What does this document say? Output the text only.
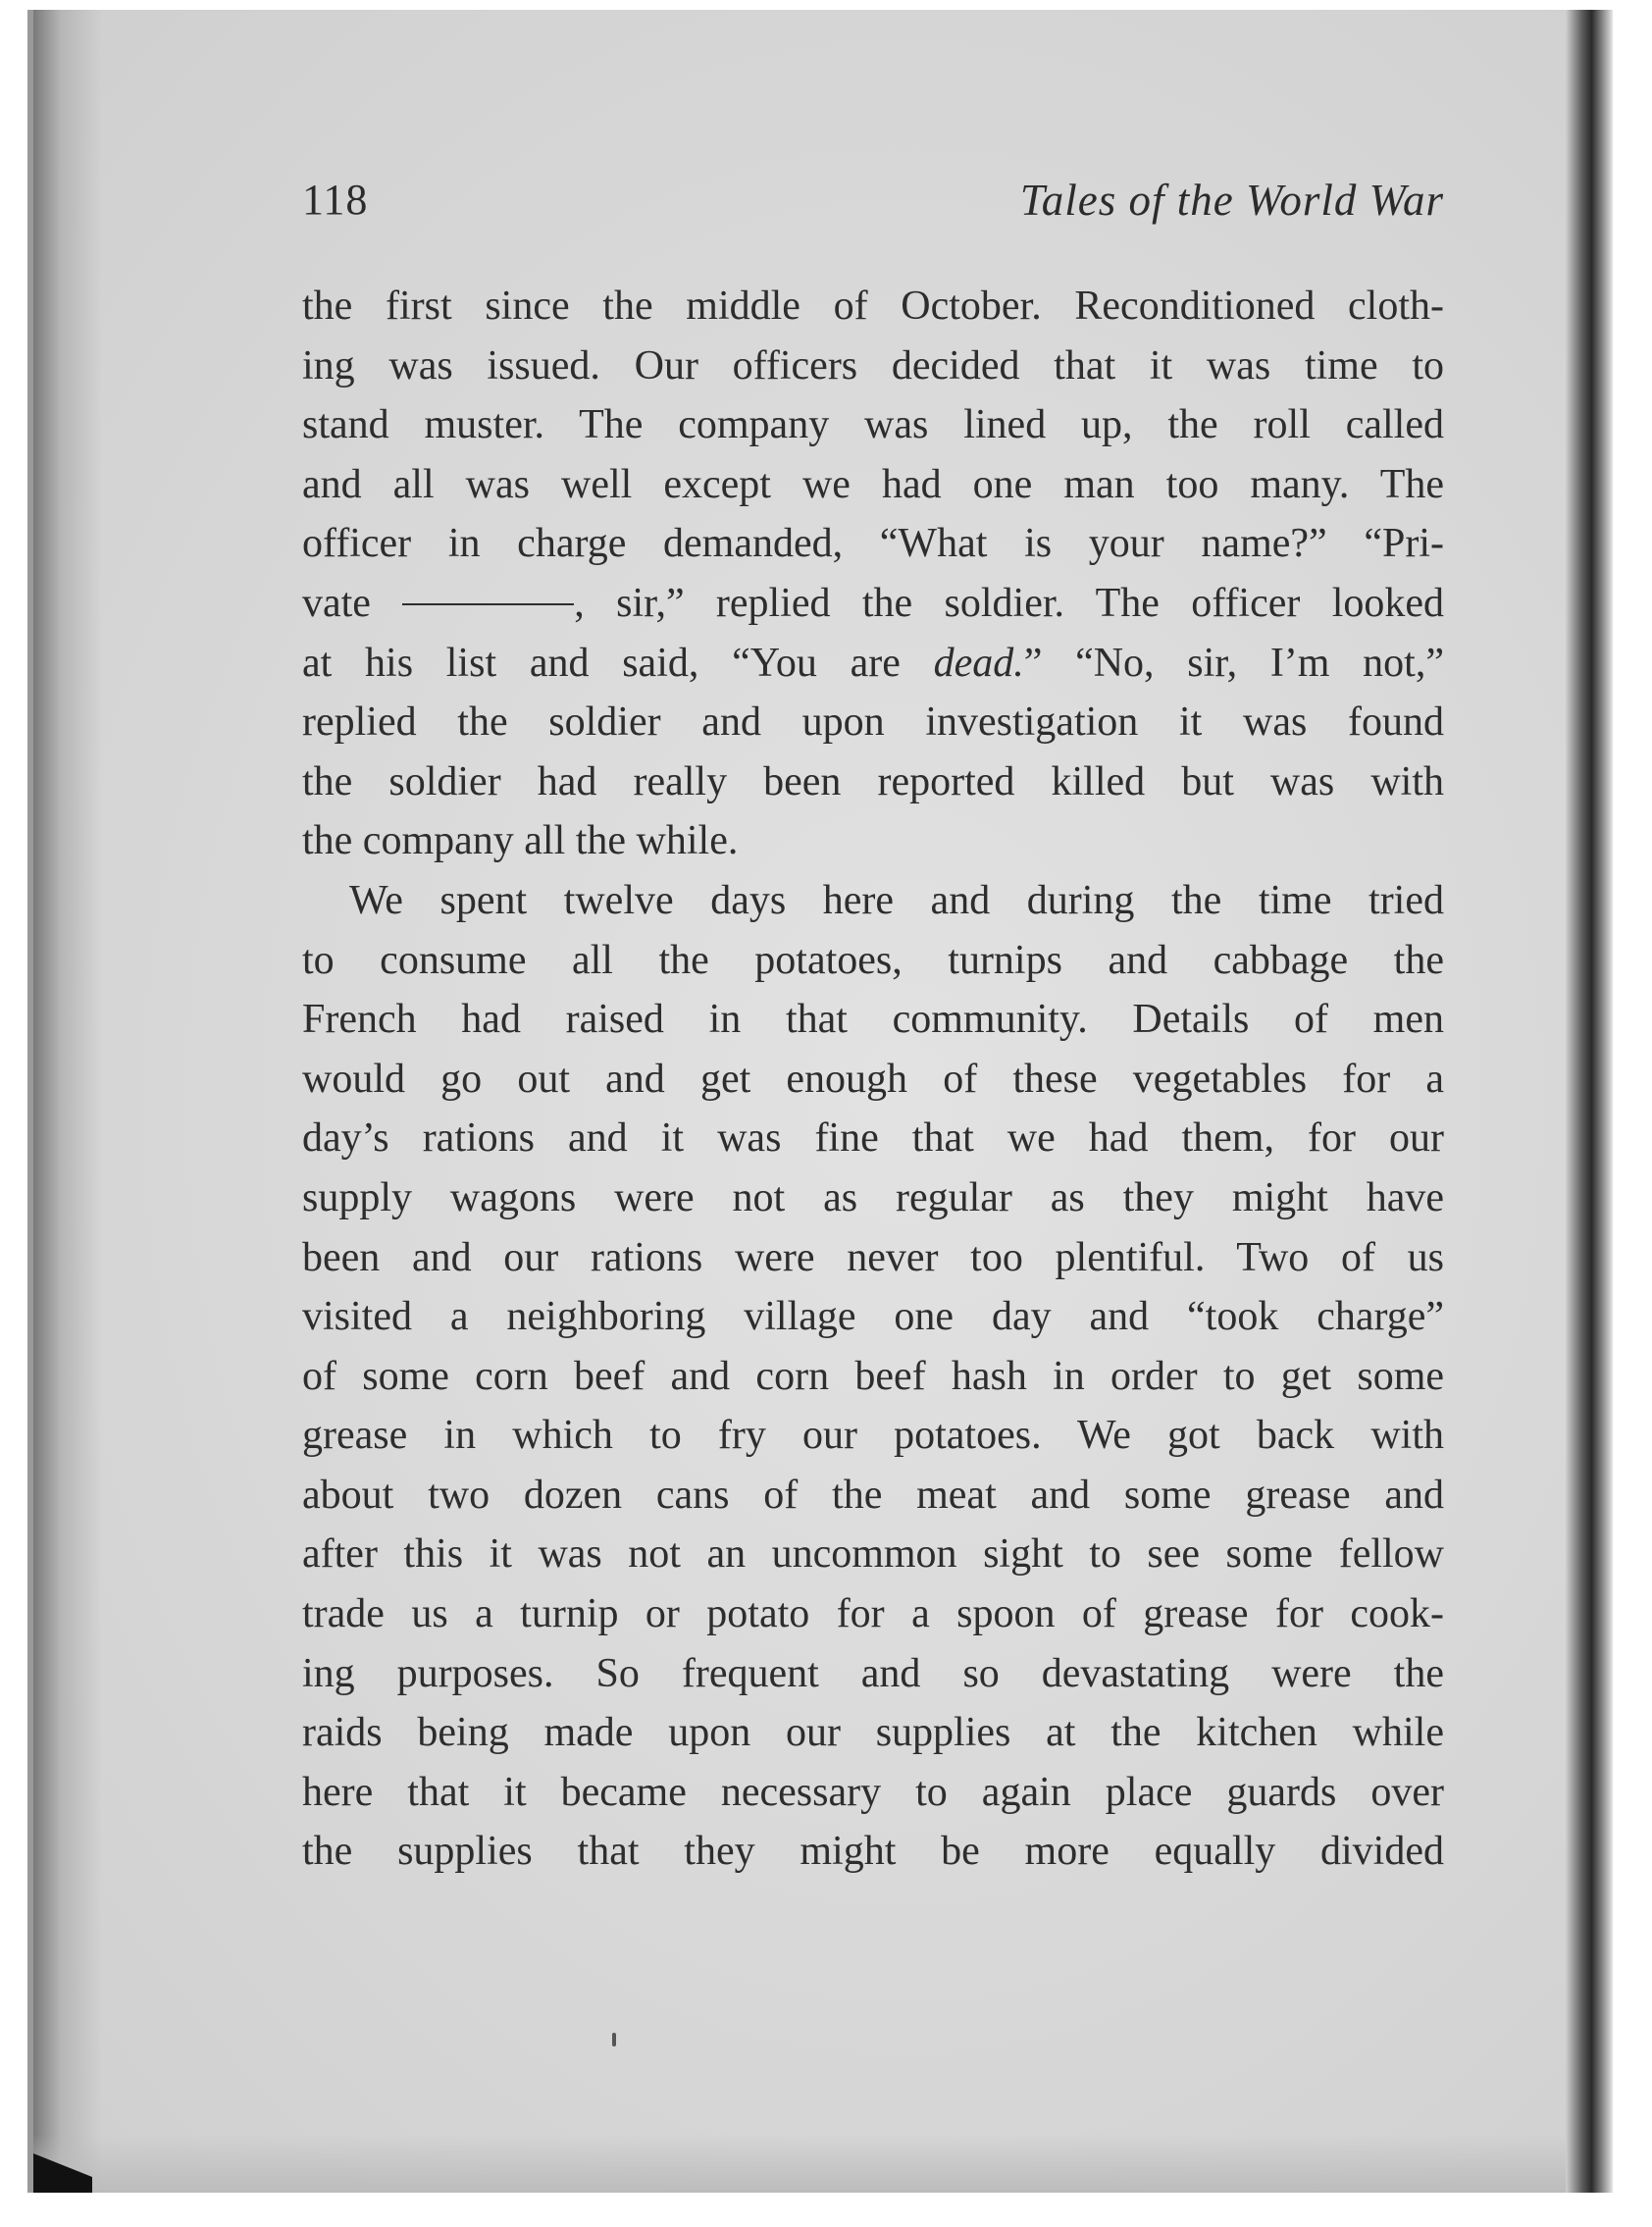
118	Tales of the World War
the first since the middle of October. Reconditioned cloth-
ing was issued. Our officers decided that it was time to
stand muster. The company was lined up, the roll called
and all was well except we had one man too many. The
officer in charge demanded, “What is your name?” “Pri-
vate	, sir,” replied the soldier. The officer looked
at his list and said, “You are dead.” “No, sir, I’m not,”
replied the soldier and upon investigation it was found
the soldier had really been reported killed but was with
the company all the while.
We spent twelve days here and during the time tried
to consume all the potatoes, turnips and cabbage the
French had raised in that community. Details of men
would go out and get enough of these vegetables for a
day’s rations and it was fine that we had them, for our
supply wagons were not as regular as they might have
been and our rations were never too plentiful. Two of us
visited a neighboring village one day and “took charge”
of some corn beef and corn beef hash in order to get some
grease in which to fry our potatoes. We got back with
about two dozen cans of the meat and some grease and
after this it was not an uncommon sight to see some fellow
trade us a turnip or potato for a spoon of grease for cook-
ing purposes. So frequent and so devastating were the
raids being made upon our supplies at the kitchen while
here that it became necessary to again place guards over
the supplies that they might be more equally divided
